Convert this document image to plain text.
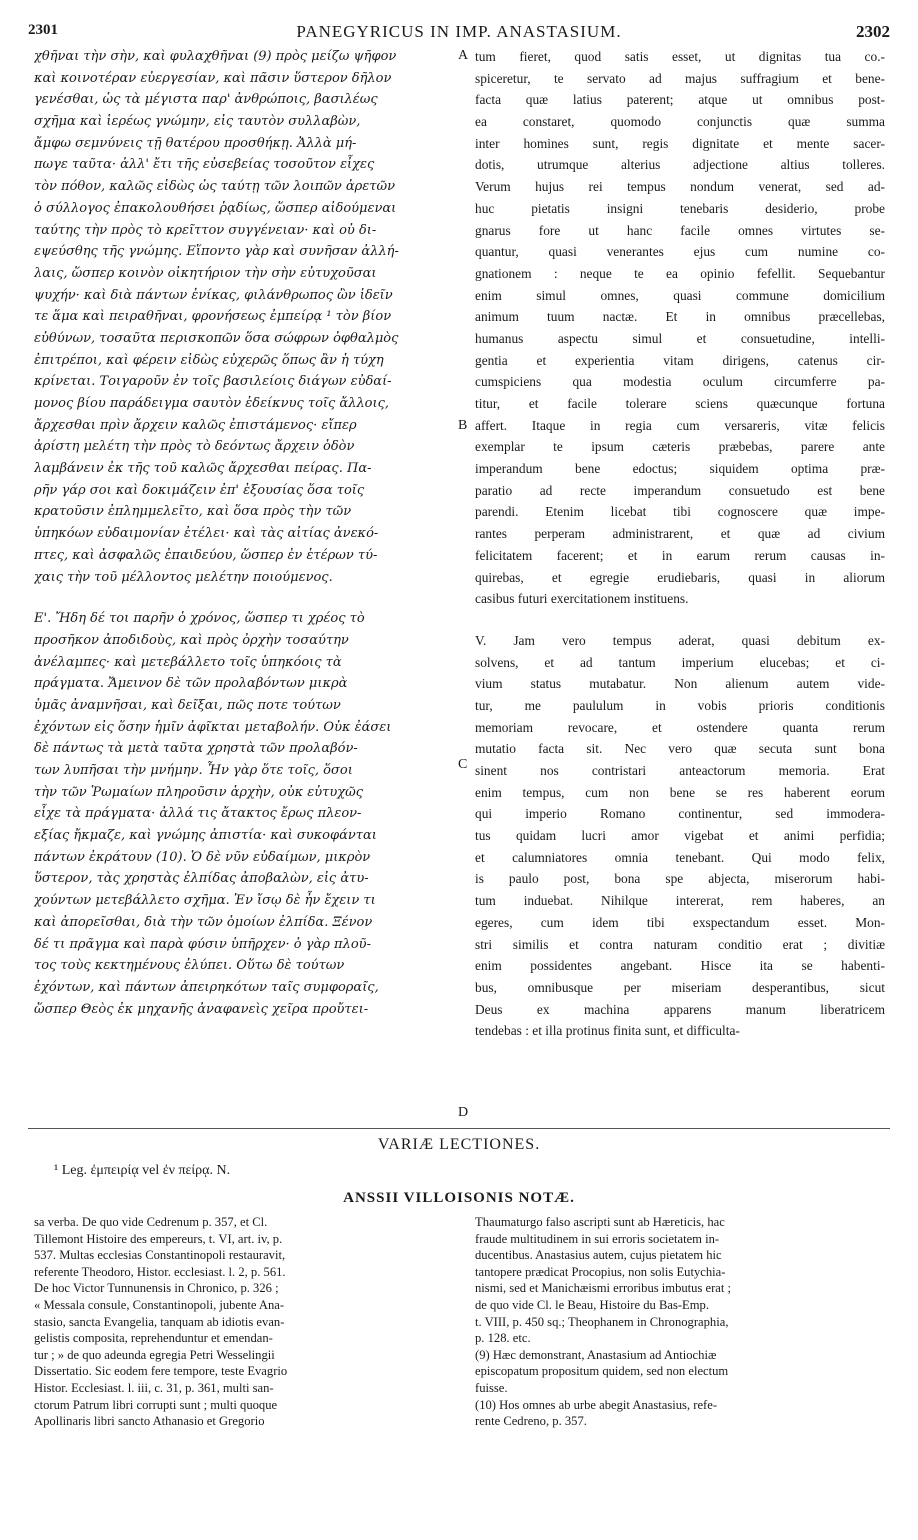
2301	PANEGYRICUS IN IMP. ANASTASIUM.	2302
χθῆναι τὴν σὴν, καὶ φυλαχθῆναι (9) πρὸς μείζω ψῆφον
καὶ κοινοτέραν εὐεργεσίαν, καὶ πᾶσιν ὕστερον δῆλον
γενέσθαι, ὡς τὰ μέγιστα παρ' ἀνθρώποις, βασιλέως
σχῆμα καὶ ἱερέως γνώμην, εἰς ταυτὸν συλλαβὼν,
ἄμφω σεμνύνεις τῇ θατέρου προσθήκῃ. Ἀλλὰ μή-
πωγε ταῦτα· ἀλλ' ἔτι τῆς εὐσεβείας τοσοῦτον εἶχες
τὸν πόθον, καλῶς εἰδὼς ὡς ταύτῃ τῶν λοιπῶν ἀρετῶν
ὁ σύλλογος ἐπακολουθήσει ῥᾳδίως, ὥσπερ αἰδούμεναι
ταύτης τὴν πρὸς τὸ κρεῖττον συγγένειαν· καὶ οὐ δι-
εψεύσθης τῆς γνώμης. Εἵποντο γὰρ καὶ συνῆσαν ἀλλή-
λαις, ὥσπερ κοινὸν οἰκητήριον τὴν σὴν εὐτυχοῦσαι
ψυχήν· καὶ διὰ πάντων ἐνίκας, φιλάνθρωπος ὢν ἰδεῖν
τε ἅμα καὶ πειραθῆναι, φρονήσεως ἐμπείρᾳ ¹ τὸν βίον
εὐθύνων, τοσαῦτα περισκοπῶν ὅσα σώφρων ὀφθαλμὸς
ἐπιτρέποι, καὶ φέρειν εἰδὼς εὐχερῶς ὅπως ἂν ἡ τύχη
κρίνεται. Τοιγαροῦν ἐν τοῖς βασιλείοις διάγων εὐδαί-
μονος βίου παράδειγμα σαυτὸν ἐδείκνυς τοῖς ἄλλοις,
ἄρχεσθαι πρὶν ἄρχειν καλῶς ἐπιστάμενος· εἴπερ
ἀρίστη μελέτη τὴν πρὸς τὸ δεόντως ἄρχειν ὁδὸν
λαμβάνειν ἐκ τῆς τοῦ καλῶς ἄρχεσθαι πείρας. Πα-
ρῆν γάρ σοι καὶ δοκιμάζειν ἐπ' ἐξουσίας ὅσα τοῖς
κρατοῦσιν ἐπλημμελεῖτο, καὶ ὅσα πρὸς τὴν τῶν
ὑπηκόων εὐδαιμονίαν ἐτέλει· καὶ τὰς αἰτίας ἀνεκό-
πτες, καὶ ἀσφαλῶς ἐπαιδεύου, ὥσπερ ἐν ἑτέρων τύ-
χαις τὴν τοῦ μέλλοντος μελέτην ποιούμενος.
Ε'. Ἤδη δέ τοι παρῆν ὁ χρόνος, ὥσπερ τι χρέος τὸ
προσῆκον ἀποδιδοὺς, καὶ πρὸς ὀρχὴν τοσαύτην
ἀνέλαμπες· καὶ μετεβάλλετο τοῖς ὑπηκόοις τὰ
πράγματα. Ἄμεινον δὲ τῶν προλαβόντων μικρὰ
ὑμᾶς ἀναμνῆσαι, καὶ δεῖξαι, πῶς ποτε τούτων
ἐχόντων εἰς ὅσην ἡμῖν ἀφῖκται μεταβολήν. Οὐκ ἐάσει
δὲ πάντως τὰ μετὰ ταῦτα χρηστὰ τῶν προλαβόν-
των λυπῆσαι τὴν μνήμην. Ἦν γὰρ ὅτε τοῖς, ὅσοι
τὴν τῶν Ῥωμαίων πληροῦσιν ἀρχὴν, οὐκ εὐτυχῶς
εἶχε τὰ πράγματα· ἀλλά τις ἄτακτος ἔρως πλεον-
εξίας ἤκμαζε, καὶ γνώμης ἀπιστία· καὶ συκοφάνται
πάντων ἐκράτουν (10). Ὁ δὲ νῦν εὐδαίμων, μικρὸν
ὕστερον, τὰς χρηστὰς ἐλπίδας ἀποβαλὼν, εἰς ἀτυ-
χούντων μετεβάλλετο σχῆμα. Ἐν ἴσῳ δὲ ἦν ἔχειν τι
καὶ ἀπορεῖσθαι, διὰ τὴν τῶν ὁμοίων ἐλπίδα. Ξένον
δέ τι πρᾶγμα καὶ παρὰ φύσιν ὑπῆρχεν· ὁ γὰρ πλοῦ-
τος τοὺς κεκτημένους ἐλύπει. Οὕτω δὲ τούτων
ἐχόντων, καὶ πάντων ἀπειρηκότων ταῖς συμφοραῖς,
ὥσπερ Θεὸς ἐκ μηχανῆς ἀναφανεὶς χεῖρα προὔτει-
tum fieret, quod satis esset, ut dignitas tua co.-
spiceretur, te servato ad majus suffragium et bene-
facta quæ latius paterent; atque ut omnibus post-
ea constaret, quomodo conjunctis quæ summa
inter homines sunt, regis dignitate et mente sacer-
dotis, utrumque alterius adjectione altius tolleres.
Verum hujus rei tempus nondum venerat, sed ad-
huc pietatis insigni tenebaris desiderio, probe
gnarus fore ut hanc facile omnes virtutes se-
quantur, quasi venerantes ejus cum numine co-
gnationem : neque te ea opinio fefellit. Sequebantur
enim simul omnes, quasi commune domicilium
animum tuum nactæ. Et in omnibus præcellebas,
humanus aspectu simul et consuetudine, intelli-
gentia et experientia vitam dirigens, catenus cir-
cumspiciens qua modestia oculum circumferre pa-
titur, et facile tolerare sciens quæcunque fortuna
affert. Itaque in regia cum versareris, vitæ felicis
exemplar te ipsum cæteris præbebas, parere ante
imperandum bene edoctus; siquidem optima præ-
paratio ad recte imperandum consuetudo est bene
parendi. Etenim licebat tibi cognoscere quæ impe-
rantes perperam administrarent, et quæ ad civium
felicitatem facerent; et in earum rerum causas in-
quirebas, et egregie erudiebaris, quasi in aliorum
casibus futuri exercitationem instituens.
V. Jam vero tempus aderat, quasi debitum ex-
solvens, et ad tantum imperium elucebas; et ci-
vium status mutabatur. Non alienum autem vide-
tur, me paululum in vobis prioris conditionis
memoriam revocare, et ostendere quanta rerum
mutatio facta sit. Nec vero quæ secuta sunt bona
sinent nos contristari anteactorum memoria. Erat
enim tempus, cum non bene se res haberent eorum
qui imperio Romano continentur, sed immodera-
tus quidam lucri amor vigebat et animi perfidia;
et calumniatores omnia tenebant. Qui modo felix,
is paulo post, bona spe abjecta, miserorum habi-
tum induebat. Nihilque intererat, rem haberes, an
egeres, cum idem tibi exspectandum esset. Mon-
stri similis et contra naturam conditio erat ; divitiæ
enim possidentes angebant. Hisce ita se habenti-
bus, omnibusque per miseriam desperantibus, sicut
Deus ex machina apparens manum liberatricem
tendebas : et illa protinus finita sunt, et difficulta-
A
B
C
D
VARIÆ LECTIONES.
¹ Leg. ἐμπειρίᾳ vel ἐν πείρᾳ. N.
ANSSII VILLOISONIS NOTÆ.
sa verba. De quo vide Cedrenum p. 357, et Cl.
Tillemont Histoire des empereurs, t. VI, art. iv, p.
537. Multas ecclesias Constantinopoli restauravit,
referente Theodoro, Histor. ecclesiast. l. 2, p. 561.
De hoc Victor Tunnunensis in Chronico, p. 326 ;
« Messala consule, Constantinopoli, jubente Ana-
stasio, sancta Evangelia, tanquam ab idiotis evan-
gelistis composita, reprehenduntur et emendan-
tur ; » de quo adeunda egregia Petri Wesselingii
Dissertatio. Sic eodem fere tempore, teste Evagrio
Histor. Ecclesiast. l. iii, c. 31, p. 361, multi san-
ctorum Patrum libri corrupti sunt ; multi quoque
Apollinaris libri sancto Athanasio et Gregorio
Thaumaturgo falso ascripti sunt ab Hæreticis, hac
fraude multitudinem in sui erroris societatem in-
ducentibus. Anastasius autem, cujus pietatem hic
tantopere prædicat Procopius, non solis Eutychia-
nismi, sed et Manichæismi erroribus imbutus erat ;
de quo vide Cl. le Beau, Histoire du Bas-Emp.
t. VIII, p. 450 sq.; Theophanem in Chronographia,
p. 128. etc.
(9) Hæc demonstrant, Anastasium ad Antiochiæ
episcopatum propositum quidem, sed non electum
fuisse.
(10) Hos omnes ab urbe abegit Anastasius, refe-
rente Cedreno, p. 357.
